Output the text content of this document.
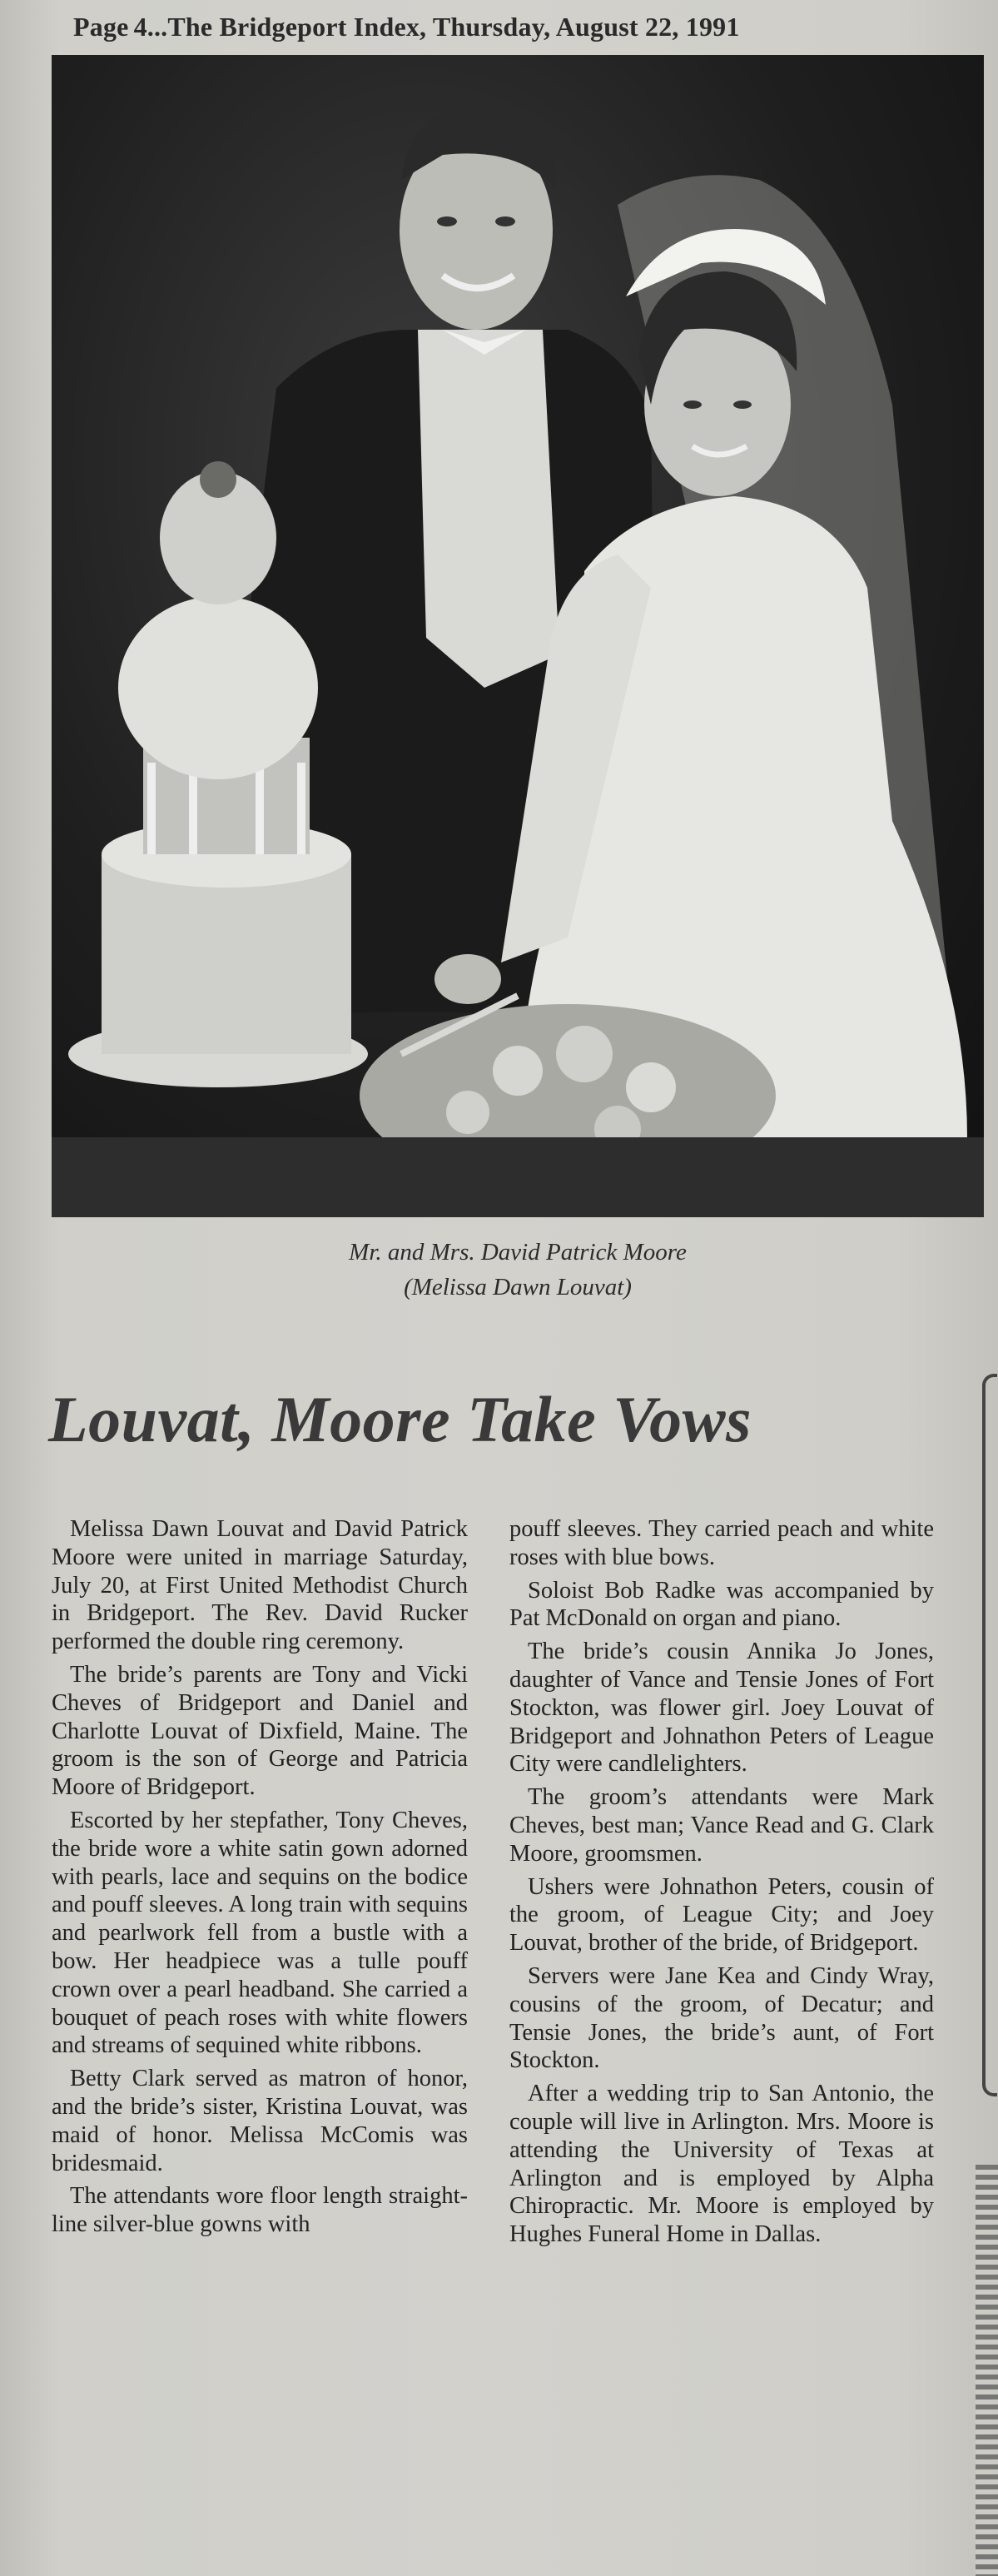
Page 4...The Bridgeport Index, Thursday, August 22, 1991
Mr. and Mrs. David Patrick Moore
(Melissa Dawn Louvat)
Louvat, Moore Take Vows

Melissa Dawn Louvat and David Patrick Moore were united in marriage Saturday, July 20, at First United Methodist Church in Bridgeport. The Rev. David Rucker performed the double ring ceremony.

The bride’s parents are Tony and Vicki Cheves of Bridgeport and Daniel and Charlotte Louvat of Dixfield, Maine. The groom is the son of George and Patricia Moore of Bridgeport.

Escorted by her stepfather, Tony Cheves, the bride wore a white satin gown adorned with pearls, lace and sequins on the bodice and pouff sleeves. A long train with sequins and pearlwork fell from a bustle with a bow. Her headpiece was a tulle pouff crown over a pearl headband. She carried a bouquet of peach roses with white flowers and streams of sequined white ribbons.

Betty Clark served as matron of honor, and the bride’s sister, Kristina Louvat, was maid of honor. Melissa McComis was bridesmaid.

The attendants wore floor length straight-line silver-blue gowns with

pouff sleeves. They carried peach and white roses with blue bows.

Soloist Bob Radke was accompanied by Pat McDonald on organ and piano.

The bride’s cousin Annika Jo Jones, daughter of Vance and Tensie Jones of Fort Stockton, was flower girl. Joey Louvat of Bridgeport and Johnathon Peters of League City were candlelighters.

The groom’s attendants were Mark Cheves, best man; Vance Read and G. Clark Moore, groomsmen.

Ushers were Johnathon Peters, cousin of the groom, of League City; and Joey Louvat, brother of the bride, of Bridgeport.

Servers were Jane Kea and Cindy Wray, cousins of the groom, of Decatur; and Tensie Jones, the bride’s aunt, of Fort Stockton.

After a wedding trip to San Antonio, the couple will live in Arlington. Mrs. Moore is attending the University of Texas at Arlington and is employed by Alpha Chiropractic. Mr. Moore is employed by Hughes Funeral Home in Dallas.
